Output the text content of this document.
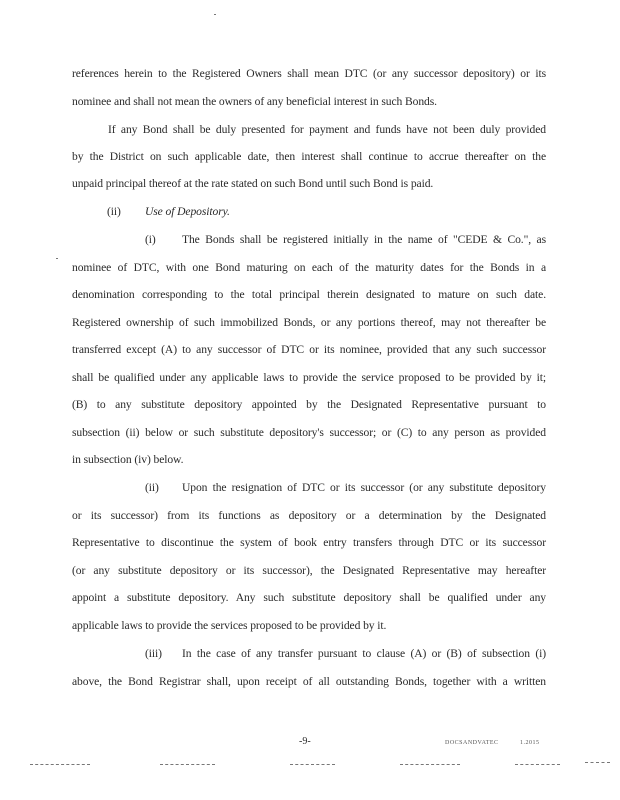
references herein to the Registered Owners shall mean DTC (or any successor depository) or its
nominee and shall not mean the owners of any beneficial interest in such Bonds.
If any Bond shall be duly presented for payment and funds have not been duly provided
by the District on such applicable date, then interest shall continue to accrue thereafter on the
unpaid principal thereof at the rate stated on such Bond until such Bond is paid.
(ii)	Use of Depository.
(i)	The Bonds shall be registered initially in the name of "CEDE & Co.", as
nominee of DTC, with one Bond maturing on each of the maturity dates for the Bonds in a
denomination corresponding to the total principal therein designated to mature on such date.
Registered ownership of such immobilized Bonds, or any portions thereof, may not thereafter be
transferred except (A) to any successor of DTC or its nominee, provided that any such successor
shall be qualified under any applicable laws to provide the service proposed to be provided by it;
(B) to any substitute depository appointed by the Designated Representative pursuant to
subsection (ii) below or such substitute depository's successor; or (C) to any person as provided
in subsection (iv) below.
(ii)	Upon the resignation of DTC or its successor (or any substitute depository
or its successor) from its functions as depository or a determination by the Designated
Representative to discontinue the system of book entry transfers through DTC or its successor
(or any substitute depository or its successor), the Designated Representative may hereafter
appoint a substitute depository. Any such substitute depository shall be qualified under any
applicable laws to provide the services proposed to be provided by it.
(iii)	In the case of any transfer pursuant to clause (A) or (B) of subsection (i)
above, the Bond Registrar shall, upon receipt of all outstanding Bonds, together with a written
-9-	DOCSANDVATEC	1.2015
